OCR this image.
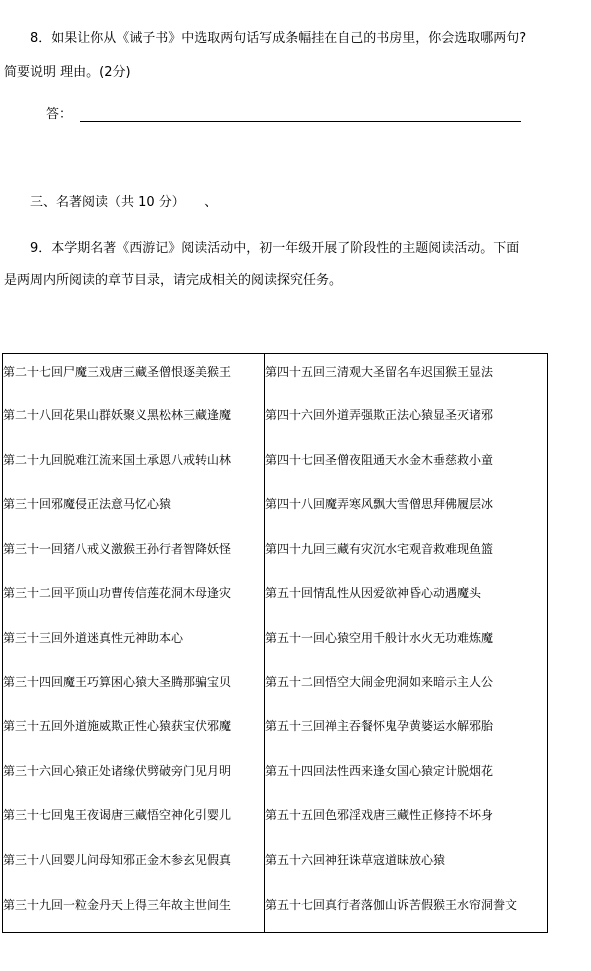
8．如果让你从《诫子书》中选取两句话写成条幅挂在自己的书房里，你会选取哪两句?
简要说明 理由。(2分)
答：
三、名著阅读（共 10 分）　　、
9．本学期名著《西游记》阅读活动中，初一年级开展了阶段性的主题阅读活动。下面
是两周内所阅读的章节目录，请完成相关的阅读探究任务。
第二十七回尸魔三戏唐三藏圣僧恨逐美猴王
第二十八回花果山群妖聚义黑松林三藏逢魔
第二十九回脱难江流来国土承恩八戒转山林
第三十回邪魔侵正法意马忆心猿
第三十一回猪八戒义激猴王孙行者智降妖怪
第三十二回平顶山功曹传信莲花洞木母逢灾
第三十三回外道迷真性元神助本心
第三十四回魔王巧算困心猿大圣腾那骗宝贝
第三十五回外道施威欺正性心猿获宝伏邪魔
第三十六回心猿正处诸缘伏劈破旁门见月明
第三十七回鬼王夜谒唐三藏悟空神化引婴儿
第三十八回婴儿问母知邪正金木参玄见假真
第三十九回一粒金丹天上得三年故主世间生
第四十五回三清观大圣留名车迟国猴王显法
第四十六回外道弄强欺正法心猿显圣灭诸邪
第四十七回圣僧夜阻通天水金木垂慈救小童
第四十八回魔弄寒风飘大雪僧思拜佛履层冰
第四十九回三藏有灾沉水宅观音救难现鱼篮
第五十回情乱性从因爱欲神昏心动遇魔头
第五十一回心猿空用千般计水火无功难炼魔
第五十二回悟空大闹金兜洞如来暗示主人公
第五十三回禅主吞餐怀鬼孕黄婆运水解邪胎
第五十四回法性西来逢女国心猿定计脱烟花
第五十五回色邪淫戏唐三藏性正修持不坏身
第五十六回神狂诛草寇道昧放心猿
第五十七回真行者落伽山诉苦假猴王水帘洞誊文
